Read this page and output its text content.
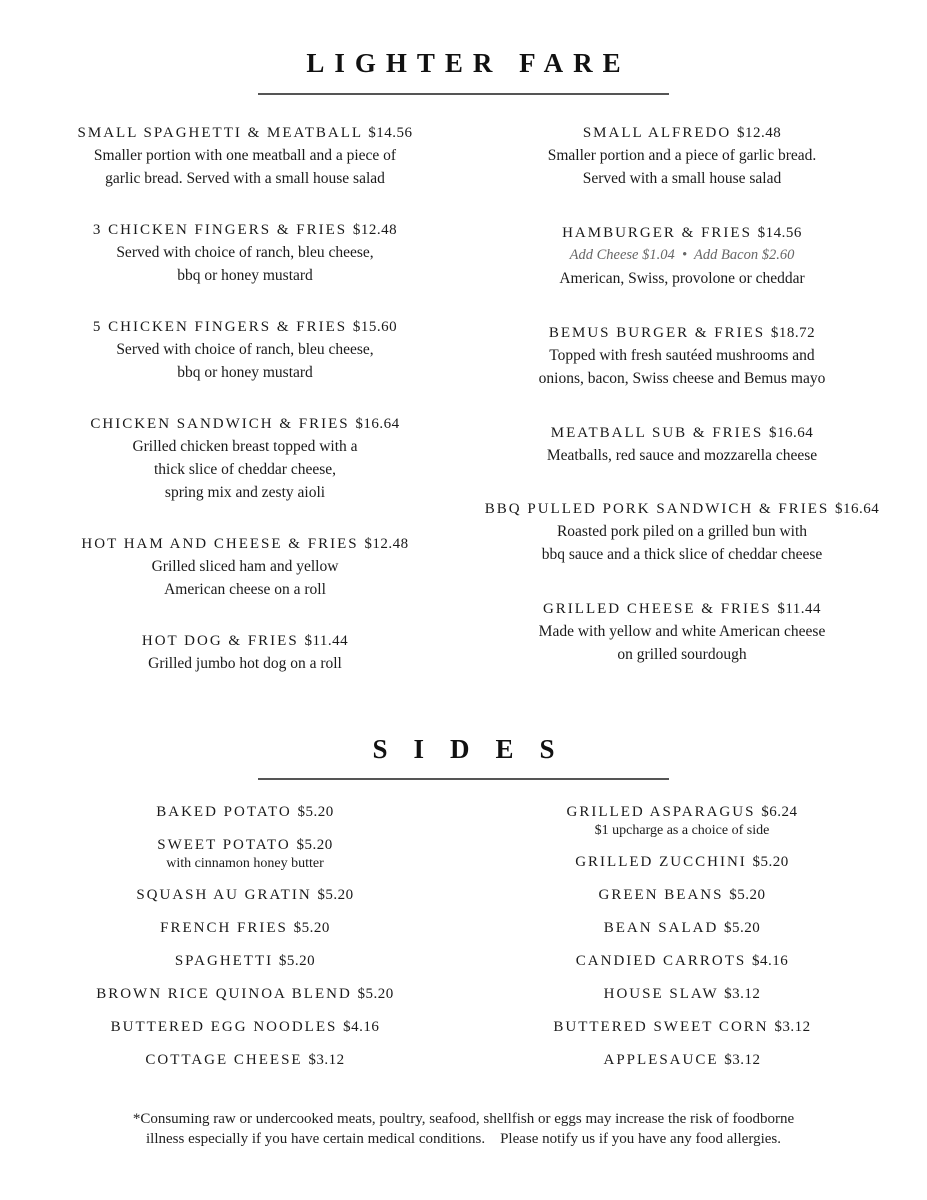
LIGHTER FARE
SMALL SPAGHETTI & MEATBALL $14.56
Smaller portion with one meatball and a piece of
garlic bread. Served with a small house salad
3 CHICKEN FINGERS & FRIES $12.48
Served with choice of ranch, bleu cheese,
bbq or honey mustard
5 CHICKEN FINGERS & FRIES $15.60
Served with choice of ranch, bleu cheese,
bbq or honey mustard
CHICKEN SANDWICH & FRIES $16.64
Grilled chicken breast topped with a
thick slice of cheddar cheese,
spring mix and zesty aioli
HOT HAM AND CHEESE & FRIES $12.48
Grilled sliced ham and yellow
American cheese on a roll
HOT DOG & FRIES $11.44
Grilled jumbo hot dog on a roll
SMALL ALFREDO $12.48
Smaller portion and a piece of garlic bread.
Served with a small house salad
HAMBURGER & FRIES $14.56
Add Cheese $1.04  •  Add Bacon $2.60
American, Swiss, provolone or cheddar
BEMUS BURGER & FRIES $18.72
Topped with fresh sautéed mushrooms and
onions, bacon, Swiss cheese and Bemus mayo
MEATBALL SUB & FRIES $16.64
Meatballs, red sauce and mozzarella cheese
BBQ PULLED PORK SANDWICH & FRIES $16.64
Roasted pork piled on a grilled bun with
bbq sauce and a thick slice of cheddar cheese
GRILLED CHEESE & FRIES $11.44
Made with yellow and white American cheese
on grilled sourdough
SIDES
BAKED POTATO $5.20
SWEET POTATO $5.20
with cinnamon honey butter
SQUASH AU GRATIN $5.20
FRENCH FRIES $5.20
SPAGHETTI $5.20
BROWN RICE QUINOA BLEND $5.20
BUTTERED EGG NOODLES $4.16
COTTAGE CHEESE $3.12
GRILLED ASPARAGUS $6.24
$1 upcharge as a choice of side
GRILLED ZUCCHINI $5.20
GREEN BEANS $5.20
BEAN SALAD $5.20
CANDIED CARROTS $4.16
HOUSE SLAW $3.12
BUTTERED SWEET CORN $3.12
APPLESAUCE $3.12
*Consuming raw or undercooked meats, poultry, seafood, shellfish or eggs may increase the risk of foodborne
illness especially if you have certain medical conditions.    Please notify us if you have any food allergies.
